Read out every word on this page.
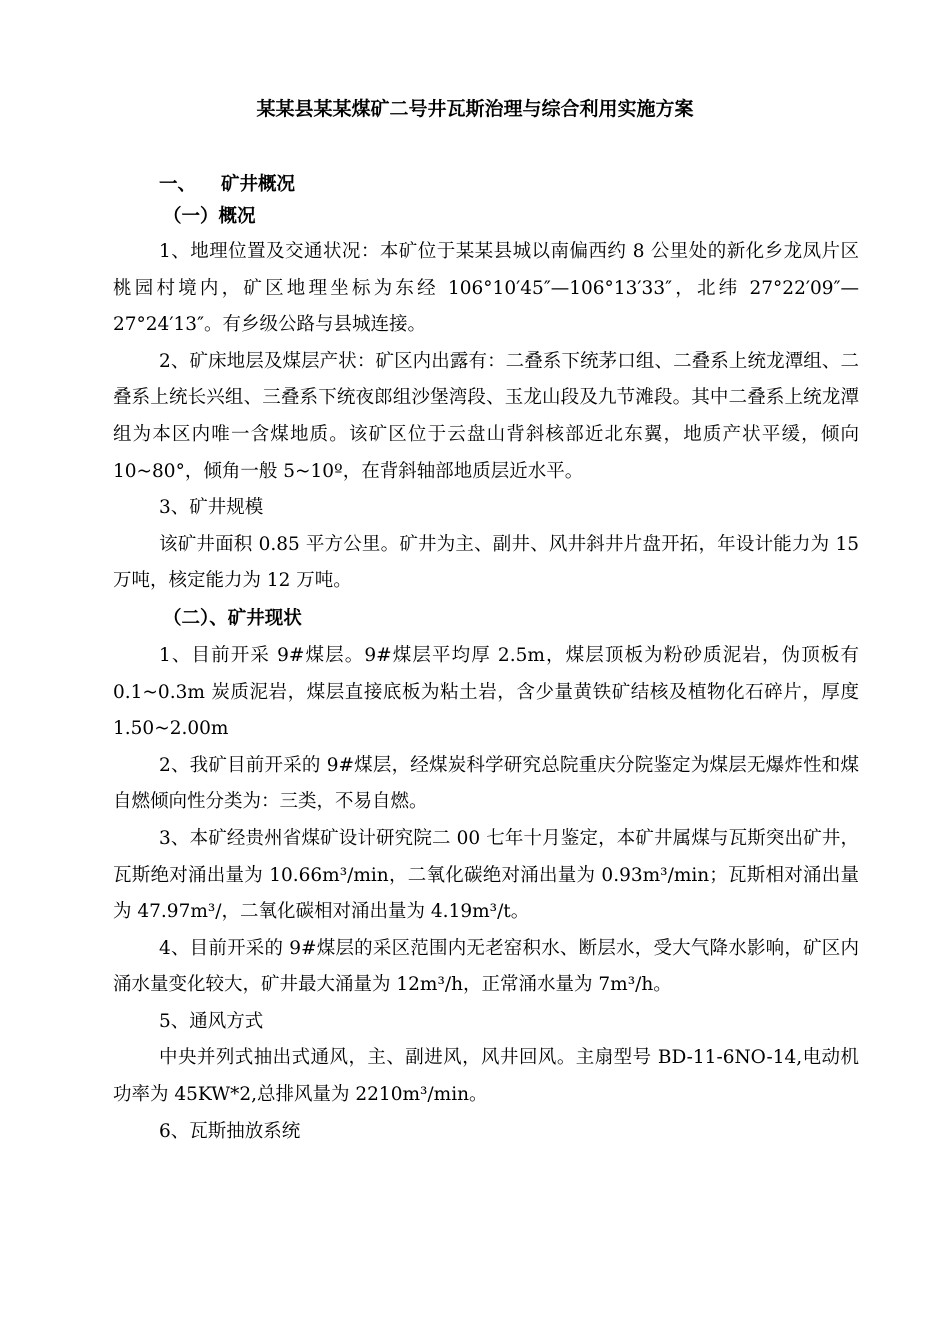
某某县某某煤矿二号井瓦斯治理与综合利用实施方案
一、 矿井概况
（一）概况

1、地理位置及交通状况：本矿位于某某县城以南偏西约 8 公里处的新化乡龙凤片区桃园村境内，矿区地理坐标为东经 106°10′45″—106°13′33″，北纬 27°22′09″—27°24′13″。有乡级公路与县城连接。

2、矿床地层及煤层产状：矿区内出露有：二叠系下统茅口组、二叠系上统龙潭组、二叠系上统长兴组、三叠系下统夜郎组沙堡湾段、玉龙山段及九节滩段。其中二叠系上统龙潭组为本区内唯一含煤地质。该矿区位于云盘山背斜核部近北东翼，地质产状平缓，倾向 10~80°，倾角一般 5~10º，在背斜轴部地质层近水平。

3、矿井规模

该矿井面积 0.85 平方公里。矿井为主、副井、风井斜井片盘开拓，年设计能力为 15 万吨，核定能力为 12 万吨。

（二）、矿井现状

1、目前开采 9#煤层。9#煤层平均厚 2.5m，煤层顶板为粉砂质泥岩，伪顶板有 0.1~0.3m 炭质泥岩，煤层直接底板为粘土岩，含少量黄铁矿结核及植物化石碎片，厚度 1.50~2.00m

2、我矿目前开采的 9#煤层，经煤炭科学研究总院重庆分院鉴定为煤层无爆炸性和煤自燃倾向性分类为：三类，不易自燃。

3、本矿经贵州省煤矿设计研究院二 00 七年十月鉴定，本矿井属煤与瓦斯突出矿井，瓦斯绝对涌出量为 10.66m³/min，二氧化碳绝对涌出量为 0.93m³/min；瓦斯相对涌出量为 47.97m³/，二氧化碳相对涌出量为 4.19m³/t。

4、目前开采的 9#煤层的采区范围内无老窑积水、断层水，受大气降水影响，矿区内涌水量变化较大，矿井最大涌量为 12m³/h，正常涌水量为 7m³/h。

5、通风方式

中央并列式抽出式通风，主、副进风，风井回风。主扇型号 BD-11-6NO-14,电动机功率为 45KW*2,总排风量为 2210m³/min。

6、瓦斯抽放系统
